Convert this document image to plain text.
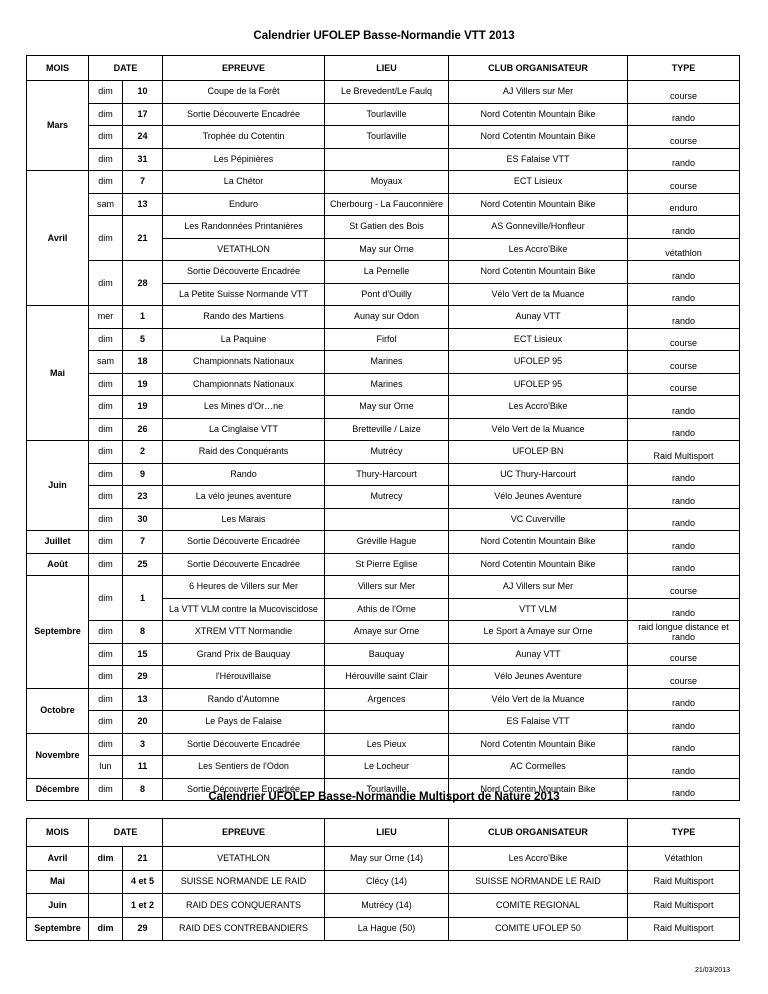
Calendrier UFOLEP Basse-Normandie VTT 2013
MOIS	DATE		EPREUVE	LIEU	CLUB ORGANISATEUR	TYPE
Mars	dim	10	Coupe de la Forêt	Le Brevedent/Le Faulq	AJ Villers sur Mer	course
	dim	17	Sortie Découverte Encadrée	Tourlaville	Nord Cotentin Mountain Bike	rando
	dim	24	Trophée du Cotentin	Tourlaville	Nord Cotentin Mountain Bike	course
	dim	31	Les Pépinières		ES Falaise VTT	rando
Avril	dim	7	La Chétor	Moyaux	ECT Lisieux	course
	sam	13	Enduro	Cherbourg - La Fauconnière	Nord Cotentin Mountain Bike	enduro
	dim	21	Les Randonnées Printanières	St Gatien des Bois	AS Gonneville/Honfleur	rando
			VETATHLON	May sur Orne	Les Accro'Bike	vétathlon
	dim	28	Sortie Découverte Encadrée	La Pernelle	Nord Cotentin Mountain Bike	rando
			La Petite Suisse Normande VTT	Pont d'Ouilly	Vélo Vert de la Muance	rando
Mai	mer	1	Rando des Martiens	Aunay sur Odon	Aunay VTT	rando
	dim	5	La Paquine	Firfol	ECT Lisieux	course
	sam	18	Championnats Nationaux	Marines	UFOLEP 95	course
	dim	19	Championnats Nationaux	Marines	UFOLEP 95	course
	dim	19	Les Mines d'Or…ne	May sur Orne	Les Accro'Bike	rando
	dim	26	La Cinglaise VTT	Bretteville / Laize	Vélo Vert de la Muance	rando
Juin	dim	2	Raid des Conquérants	Mutrécy	UFOLEP BN	Raid Multisport
	dim	9	Rando	Thury-Harcourt	UC Thury-Harcourt	rando
	dim	23	La vélo jeunes aventure	Mutrecy	Vélo Jeunes Aventure	rando
	dim	30	Les Marais		VC Cuverville	rando
Juillet	dim	7	Sortie Découverte Encadrée	Gréville Hague	Nord Cotentin Mountain Bike	rando
Août	dim	25	Sortie Découverte Encadrée	St Pierre Eglise	Nord Cotentin Mountain Bike	rando
Septembre	dim	1	6 Heures de Villers sur Mer	Villers sur Mer	AJ Villers sur Mer	course
			La VTT VLM contre la Mucoviscidose	Athis de l'Orne	VTT VLM	rando
	dim	8	XTREM VTT Normandie	Amaye sur Orne	Le Sport à Amaye sur Orne	raid longue distance et rando
	dim	15	Grand Prix de Bauquay	Bauquay	Aunay VTT	course
	dim	29	l'Hérouvillaise	Hérouville saint Clair	Vélo Jeunes Aventure	course
Octobre	dim	13	Rando d'Automne	Argences	Vélo Vert de la Muance	rando
	dim	20	Le Pays de Falaise		ES Falaise VTT	rando
Novembre	dim	3	Sortie Découverte Encadrée	Les Pieux	Nord Cotentin Mountain Bike	rando
	lun	11	Les Sentiers de l'Odon	Le Locheur	AC Cormelles	rando
Décembre	dim	8	Sortie Découverte Encadrée	Tourlaville	Nord Cotentin Mountain Bike	rando
Calendrier UFOLEP Basse-Normandie Multisport de Nature 2013
MOIS	DATE		EPREUVE	LIEU	CLUB ORGANISATEUR	TYPE
Avril	dim	21	VETATHLON	May sur Orne (14)	Les Accro'Bike	Vétathlon
Mai		4 et 5	SUISSE NORMANDE LE RAID	Clécy (14)	SUISSE NORMANDE LE RAID	Raid Multisport
Juin		1 et 2	RAID DES CONQUERANTS	Mutrécy (14)	COMITE REGIONAL	Raid Multisport
Septembre	dim	29	RAID DES CONTREBANDIERS	La Hague (50)	COMITE UFOLEP 50	Raid Multisport
21/03/2013
